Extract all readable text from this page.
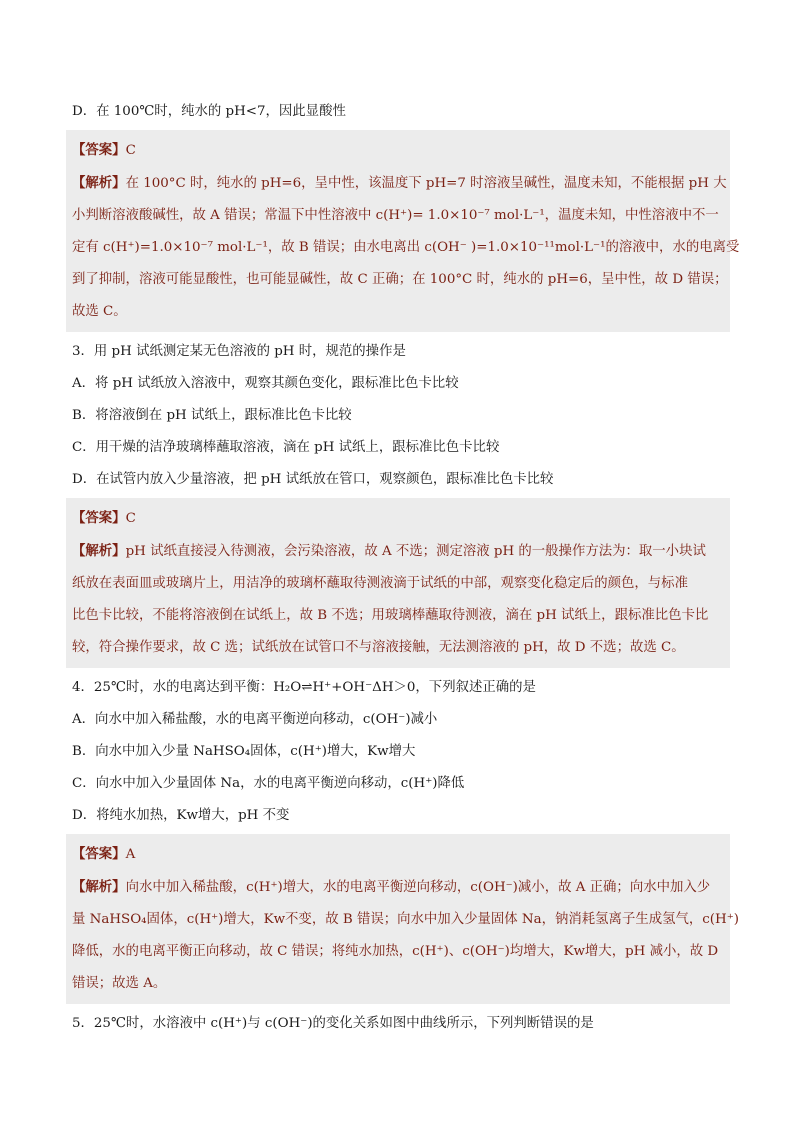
D．在 100℃时，纯水的 pH<7，因此显酸性
【答案】C
【解析】在 100°C 时，纯水的 pH=6，呈中性，该温度下 pH=7 时溶液呈碱性，温度未知，不能根据 pH 大
小判断溶液酸碱性，故 A 错误；常温下中性溶液中 c(H⁺)= 1.0×10⁻⁷ mol·L⁻¹，温度未知，中性溶液中不一
定有 c(H⁺)=1.0×10⁻⁷ mol·L⁻¹，故 B 错误；由水电离出 c(OH⁻ )=1.0×10⁻¹¹mol·L⁻¹的溶液中，水的电离受
到了抑制，溶液可能显酸性，也可能显碱性，故 C 正确；在 100°C 时，纯水的 pH=6，呈中性，故 D 错误；
故选 C。
3．用 pH 试纸测定某无色溶液的 pH 时，规范的操作是
A．将 pH 试纸放入溶液中，观察其颜色变化，跟标准比色卡比较
B．将溶液倒在 pH 试纸上，跟标准比色卡比较
C．用干燥的洁净玻璃棒蘸取溶液，滴在 pH 试纸上，跟标准比色卡比较
D．在试管内放入少量溶液，把 pH 试纸放在管口，观察颜色，跟标准比色卡比较
【答案】C
【解析】pH 试纸直接浸入待测液，会污染溶液，故 A 不选；测定溶液 pH 的一般操作方法为：取一小块试
纸放在表面皿或玻璃片上，用洁净的玻璃杯蘸取待测液滴于试纸的中部，观察变化稳定后的颜色，与标准
比色卡比较，不能将溶液倒在试纸上，故 B 不选；用玻璃棒蘸取待测液，滴在 pH 试纸上，跟标准比色卡比
较，符合操作要求，故 C 选；试纸放在试管口不与溶液接触，无法测溶液的 pH，故 D 不选；故选 C。
4．25℃时，水的电离达到平衡：H₂O⇌H⁺+OH⁻ΔH＞0，下列叙述正确的是
A．向水中加入稀盐酸，水的电离平衡逆向移动，c(OH⁻)减小
B．向水中加入少量 NaHSO₄固体，c(H⁺)增大，Kw增大
C．向水中加入少量固体 Na，水的电离平衡逆向移动，c(H⁺)降低
D．将纯水加热，Kw增大，pH 不变
【答案】A
【解析】向水中加入稀盐酸，c(H⁺)增大，水的电离平衡逆向移动，c(OH⁻)减小，故 A 正确；向水中加入少
量 NaHSO₄固体，c(H⁺)增大，Kw不变，故 B 错误；向水中加入少量固体 Na，钠消耗氢离子生成氢气，c(H⁺)
降低，水的电离平衡正向移动，故 C 错误；将纯水加热，c(H⁺)、c(OH⁻)均增大，Kw增大，pH 减小，故 D
错误；故选 A。
5．25℃时，水溶液中 c(H⁺)与 c(OH⁻)的变化关系如图中曲线所示，下列判断错误的是
